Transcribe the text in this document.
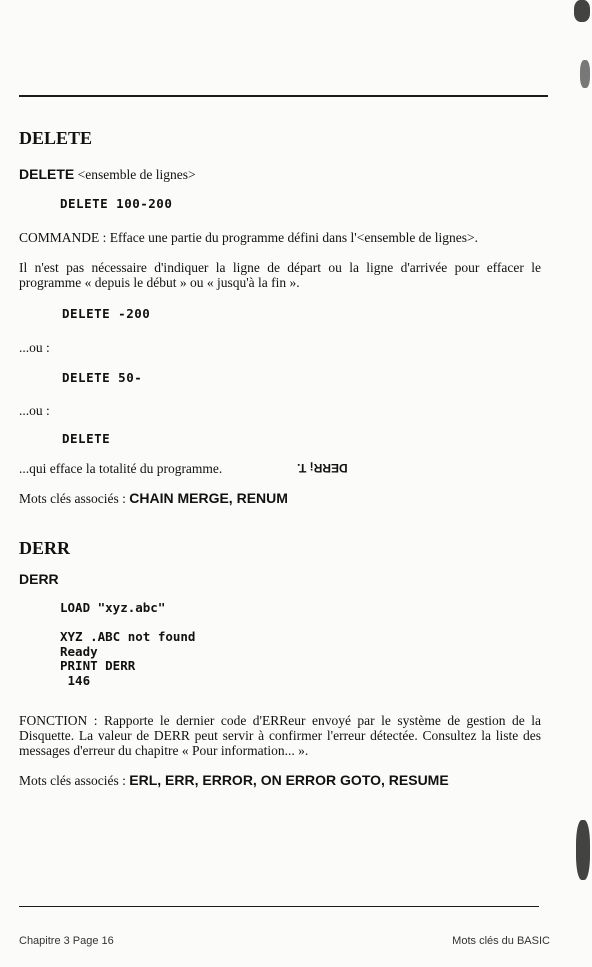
DELETE

DELETE <ensemble de lignes>

DELETE 100-200

COMMANDE : Efface une partie du programme défini dans l'<ensemble de lignes>.

Il n'est pas nécessaire d'indiquer la ligne de départ ou la ligne d'arrivée pour effacer le programme « depuis le début » ou « jusqu'à la fin ».

DELETE -200

...ou :

DELETE 50-

...ou :

DELETE

...qui efface la totalité du programme.	DERR¡ T.

Mots clés associés : CHAIN MERGE, RENUM

DERR

DERR

LOAD "xyz.abc"

XYZ .ABC not found
Ready
PRINT DERR
146

FONCTION : Rapporte le dernier code d'ERReur envoyé par le système de gestion de la Disquette. La valeur de DERR peut servir à confirmer l'erreur détectée. Consultez la liste des messages d'erreur du chapitre « Pour information... ».

Mots clés associés : ERL, ERR, ERROR, ON ERROR GOTO, RESUME

Chapitre 3 Page 16	Mots clés du BASIC
